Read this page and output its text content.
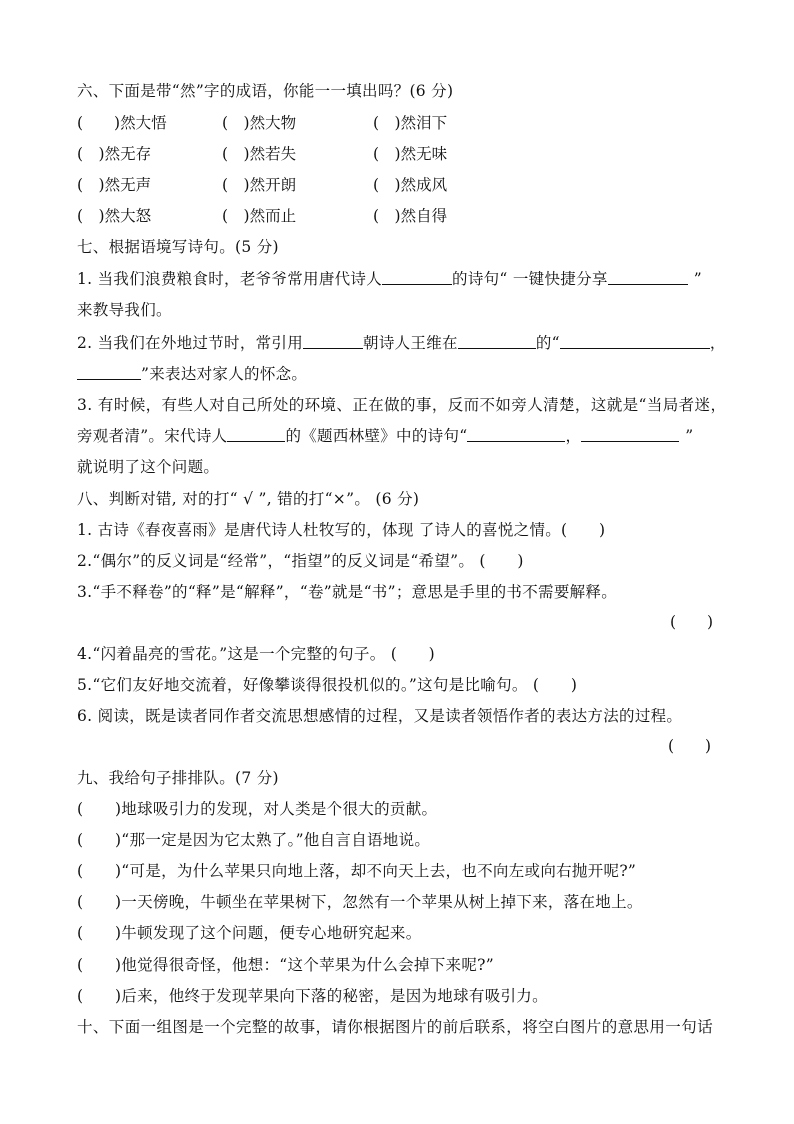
六、下面是带“然”字的成语，你能一一填出吗？(6 分)
(　　)然大悟	(　)然大物	(　)然泪下
(　)然无存	(　)然若失	(　)然无味
(　)然无声	(　)然开朗	(　)然成风
(　)然大怒	(　)然而止	(　)然自得
七、根据语境写诗句。(5 分)
1. 当我们浪费粮食时，老爷爷常用唐代诗人	的诗句“ 一键快捷分享	”
来教导我们。
2. 当我们在外地过节时，常引用	朝诗人王维在	的“	，
”来表达对家人的怀念。
3. 有时候，有些人对自己所处的环境、正在做的事，反而不如旁人清楚，这就是“当局者迷，
旁观者清”。宋代诗人	的《题西林壁》中的诗句“	，	”
就说明了这个问题。
八、判断对错, 对的打“ √ ”, 错的打“×”。 (6 分)
1. 古诗《春夜喜雨》是唐代诗人杜牧写的，体现 了诗人的喜悦之情。(　　)
2.“偶尔”的反义词是“经常”，“指望”的反义词是“希望”。 (　　)
3.“手不释卷”的“释”是“解释”，“卷”就是“书”；意思是手里的书不需要解释。
(　　)
4.“闪着晶亮的雪花。”这是一个完整的句子。 (　　)
5.“它们友好地交流着，好像攀谈得很投机似的。”这句是比喻句。 (　　)
6. 阅读，既是读者同作者交流思想感情的过程，又是读者领悟作者的表达方法的过程。
(　　)
九、我给句子排排队。(7 分)
(　　)地球吸引力的发现，对人类是个很大的贡献。
(　　)“那一定是因为它太熟了。”他自言自语地说。
(　　)“可是，为什么苹果只向地上落，却不向天上去，也不向左或向右抛开呢?”
(　　)一天傍晚，牛顿坐在苹果树下，忽然有一个苹果从树上掉下来，落在地上。
(　　)牛顿发现了这个问题，便专心地研究起来。
(　　)他觉得很奇怪，他想：“这个苹果为什么会掉下来呢?”
(　　)后来，他终于发现苹果向下落的秘密，是因为地球有吸引力。
十、下面一组图是一个完整的故事，请你根据图片的前后联系，将空白图片的意思用一句话
